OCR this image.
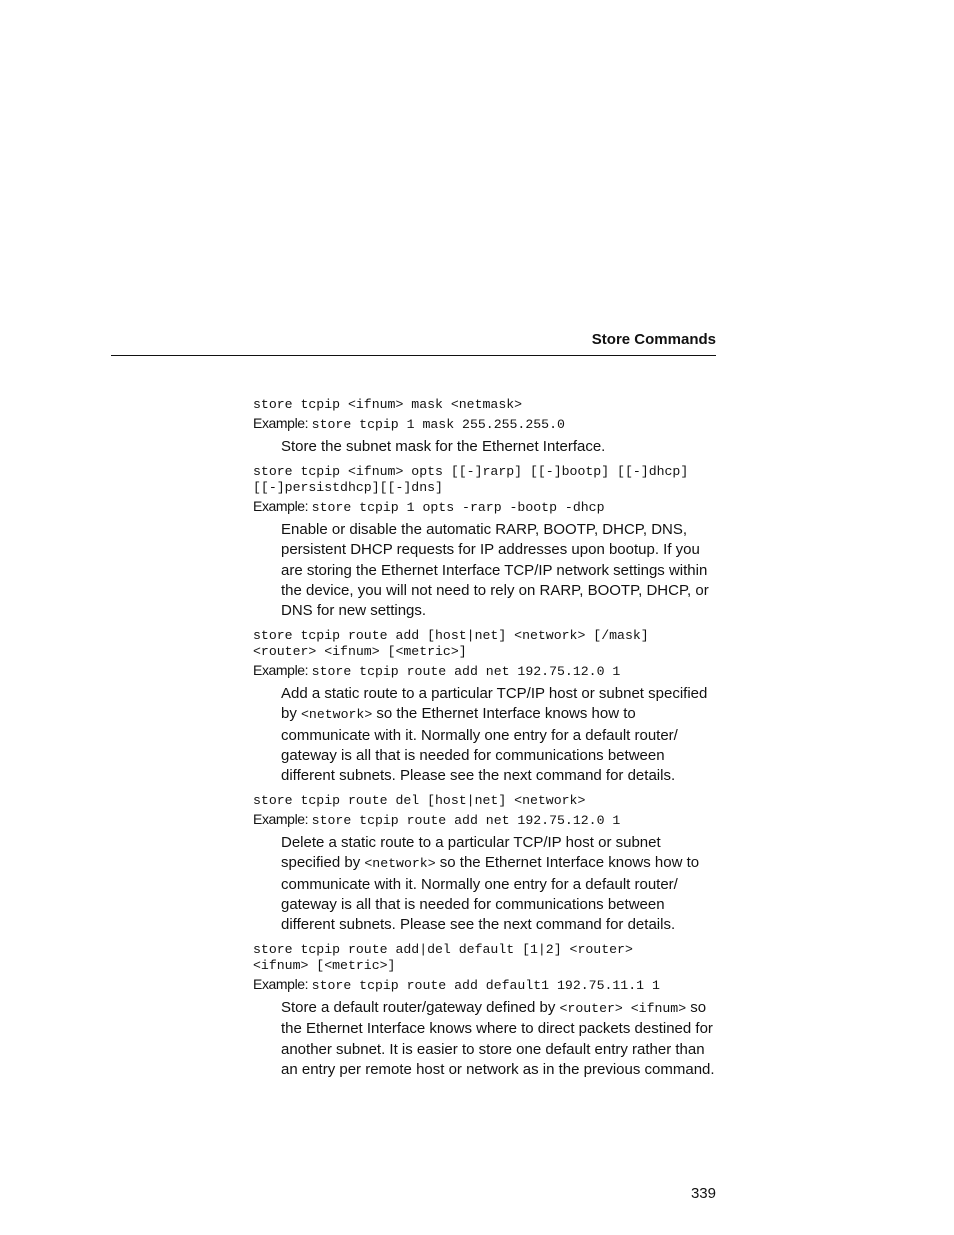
Store Commands
store tcpip <ifnum> mask <netmask>
Example: store tcpip 1 mask 255.255.255.0
Store the subnet mask for the Ethernet Interface.
store tcpip <ifnum> opts [[-]rarp] [[-]bootp] [[-]dhcp]
[[-]persistdhcp][[-]dns]
Example: store tcpip 1 opts -rarp -bootp -dhcp
Enable or disable the automatic RARP, BOOTP, DHCP, DNS, persistent DHCP requests for IP addresses upon bootup. If you are storing the Ethernet Interface TCP/IP network settings within the device, you will not need to rely on RARP, BOOTP, DHCP, or DNS for new settings.
store tcpip route add [host|net] <network> [/mask]
<router> <ifnum> [<metric>]
Example: store tcpip route add net 192.75.12.0 1
Add a static route to a particular TCP/IP host or subnet specified by <network> so the Ethernet Interface knows how to communicate with it. Normally one entry for a default router/ gateway is all that is needed for communications between different subnets. Please see the next command for details.
store tcpip route del [host|net] <network>
Example: store tcpip route add net 192.75.12.0 1
Delete a static route to a particular TCP/IP host or subnet specified by <network> so the Ethernet Interface knows how to communicate with it. Normally one entry for a default router/ gateway is all that is needed for communications between different subnets. Please see the next command for details.
store tcpip route add|del default [1|2] <router>
<ifnum> [<metric>]
Example: store tcpip route add default1 192.75.11.1 1
Store a default router/gateway defined by <router> <ifnum> so the Ethernet Interface knows where to direct packets destined for another subnet. It is easier to store one default entry rather than an entry per remote host or network as in the previous command.
339
